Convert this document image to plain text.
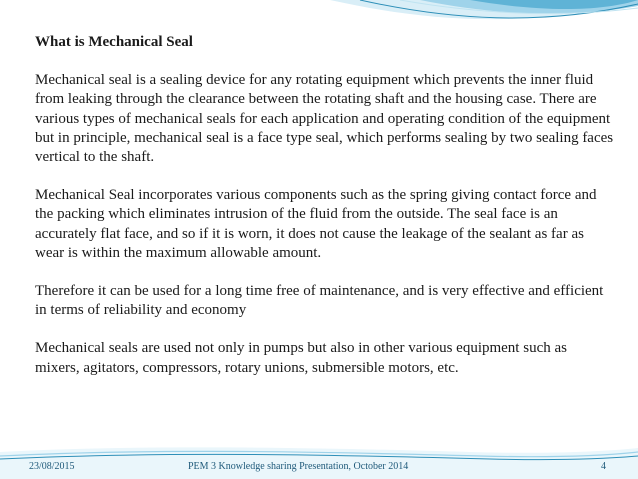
What is Mechanical Seal

Mechanical seal is a sealing device for any rotating equipment which prevents the inner fluid from leaking through the clearance between the rotating shaft and the housing case. There are various types of mechanical seals for each application and operating condition of the equipment but in principle, mechanical seal is a face type seal, which performs sealing by two sealing faces vertical to the shaft.

Mechanical Seal incorporates various components such as the spring giving contact force and the packing which eliminates intrusion of the fluid from the outside. The seal face is an accurately flat face, and so if it is worn, it does not cause the leakage of the sealant as far as wear is within the maximum allowable amount.

Therefore it can be used for a long time free of maintenance, and is very effective and efficient in terms of reliability and economy

Mechanical seals are used not only in pumps but also in other various equipment such as mixers, agitators, compressors, rotary unions, submersible motors, etc.

23/08/2015	PEM 3 Knowledge sharing Presentation, October 2014	4
